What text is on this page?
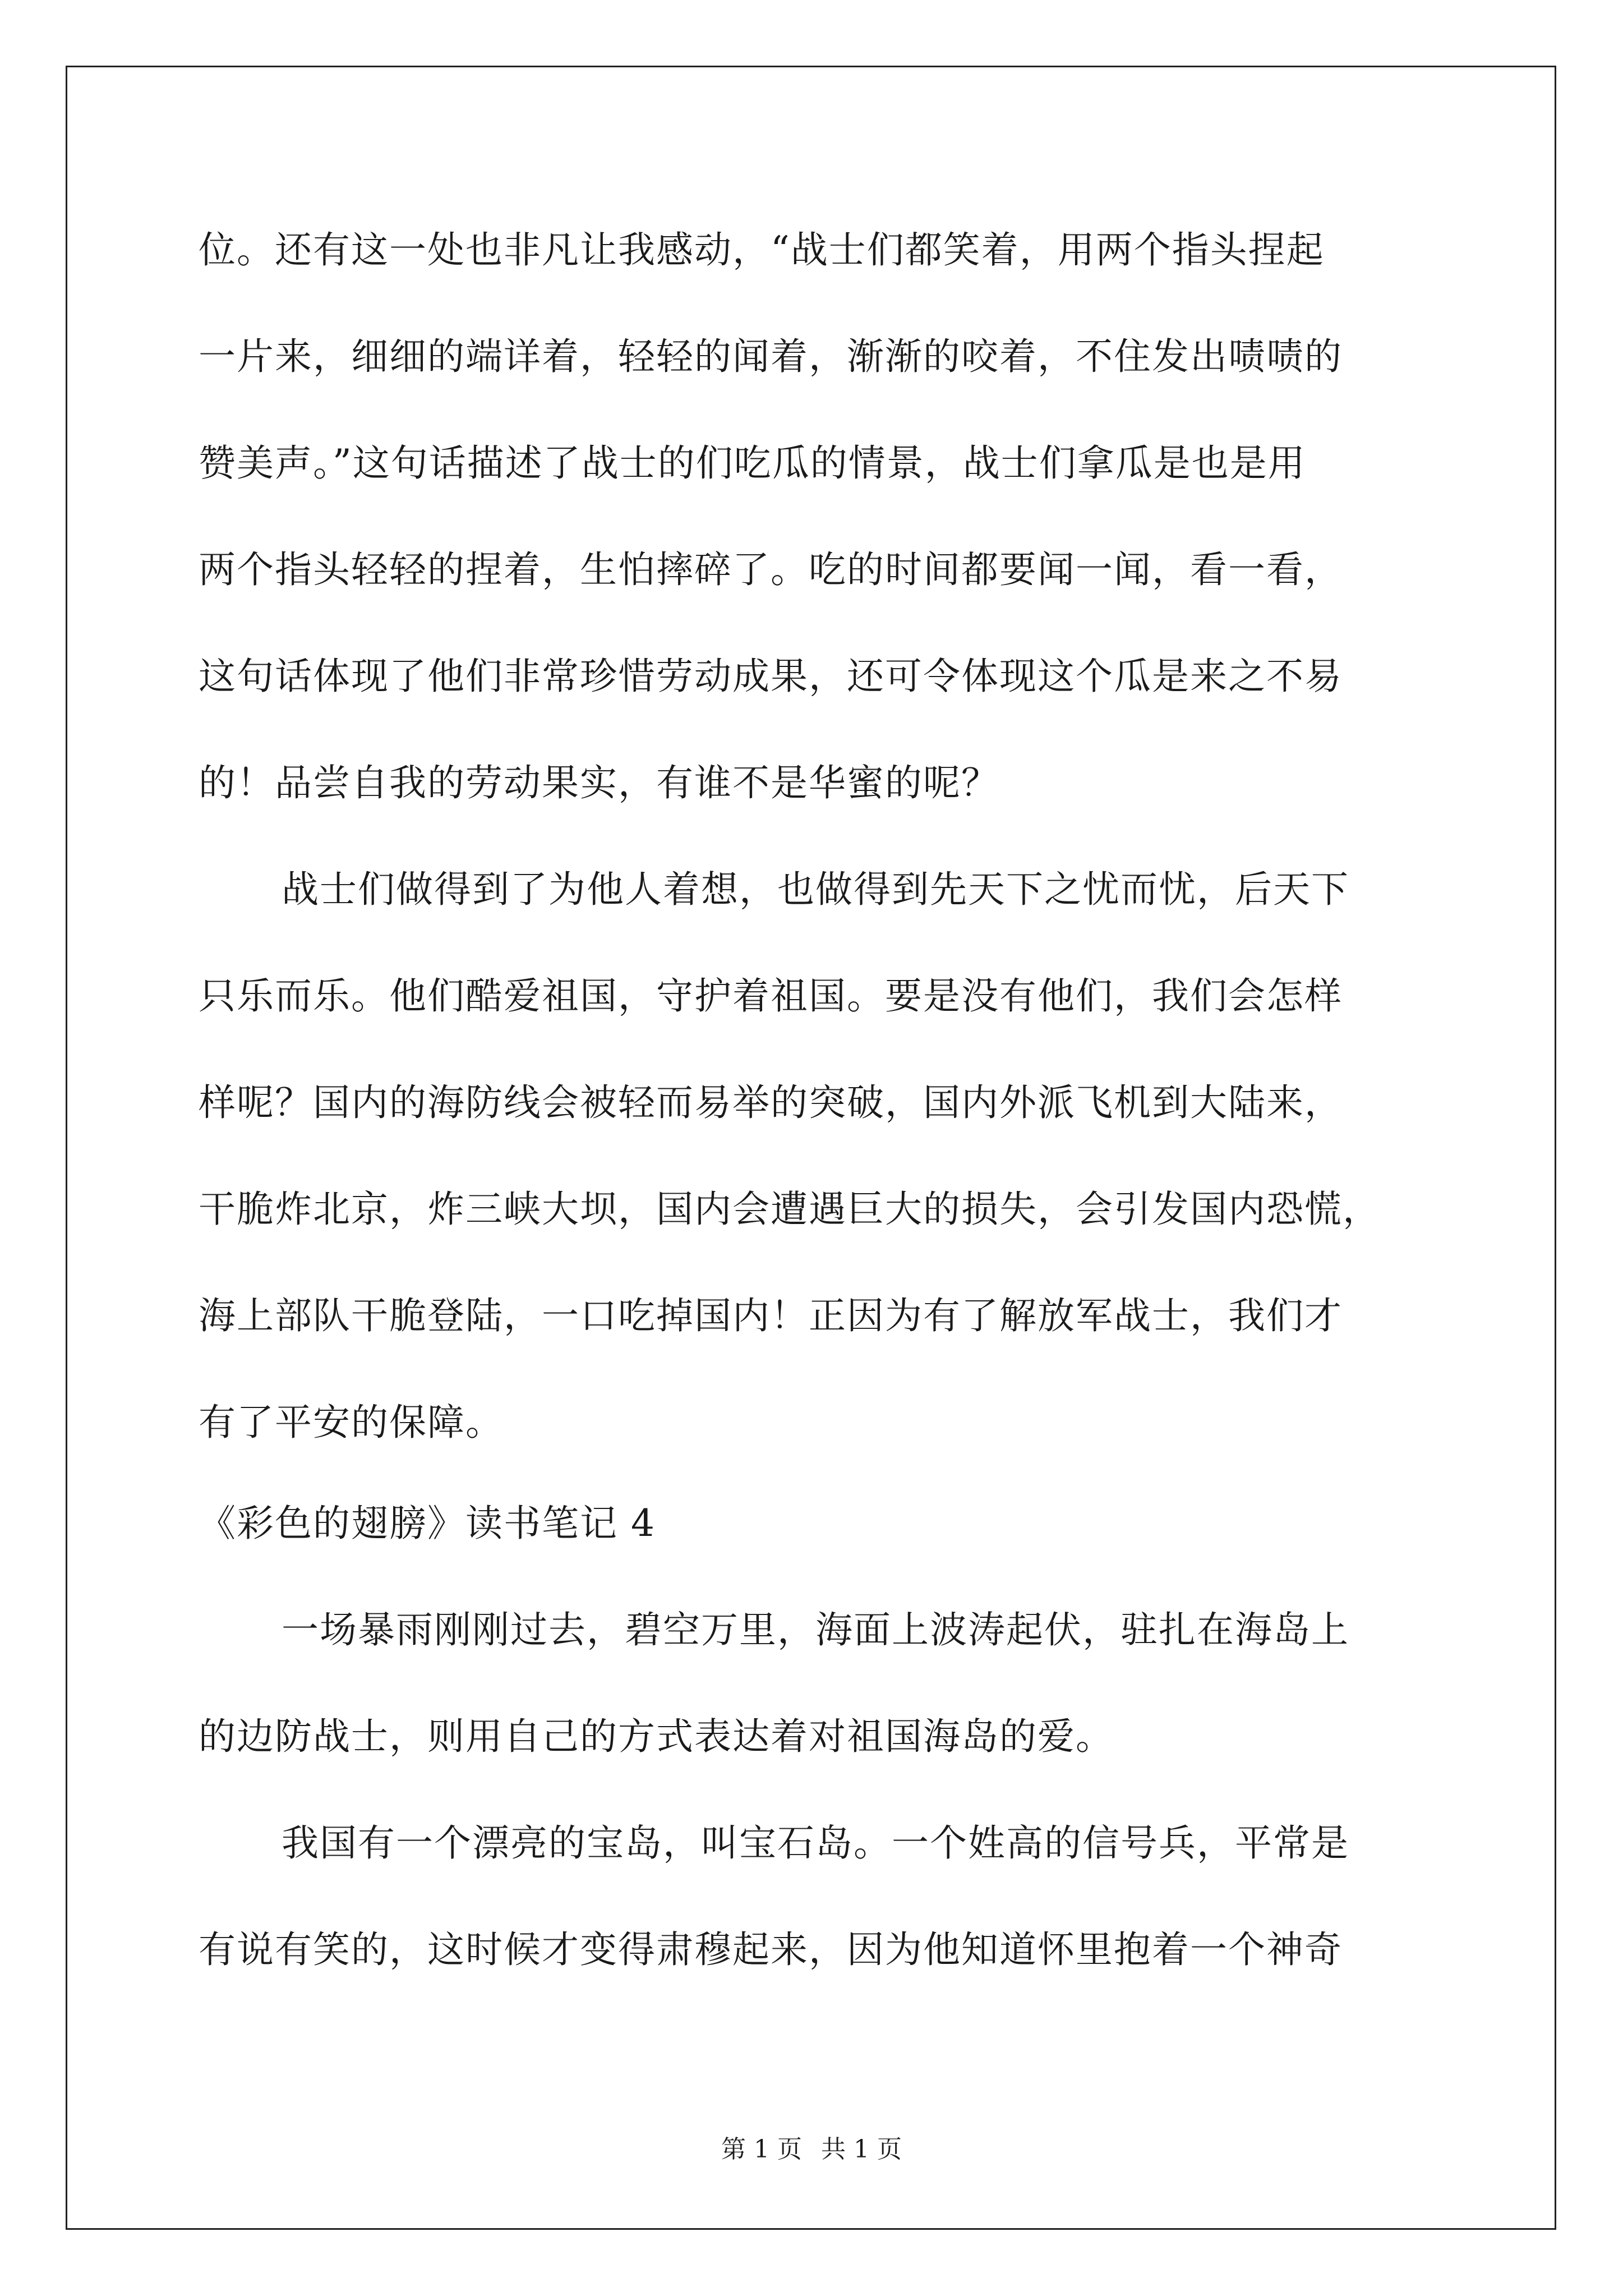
位。还有这一处也非凡让我感动，“战士们都笑着，用两个指头捏起
一片来，细细的端详着，轻轻的闻着，渐渐的咬着，不住发出啧啧的
赞美声。”这句话描述了战士的们吃瓜的情景，战士们拿瓜是也是用
两个指头轻轻的捏着，生怕摔碎了。吃的时间都要闻一闻，看一看，
这句话体现了他们非常珍惜劳动成果，还可令体现这个瓜是来之不易
的！品尝自我的劳动果实，有谁不是华蜜的呢？
战士们做得到了为他人着想，也做得到先天下之忧而忧，后天下
只乐而乐。他们酷爱祖国，守护着祖国。要是没有他们，我们会怎样
样呢？国内的海防线会被轻而易举的突破，国内外派飞机到大陆来，
干脆炸北京，炸三峡大坝，国内会遭遇巨大的损失，会引发国内恐慌，
海上部队干脆登陆，一口吃掉国内！正因为有了解放军战士，我们才
有了平安的保障。
《彩色的翅膀》读书笔记 4
一场暴雨刚刚过去，碧空万里，海面上波涛起伏，驻扎在海岛上
的边防战士，则用自己的方式表达着对祖国海岛的爱。
我国有一个漂亮的宝岛，叫宝石岛。一个姓高的信号兵，平常是
有说有笑的，这时候才变得肃穆起来，因为他知道怀里抱着一个神奇
第 1 页 共 1 页
